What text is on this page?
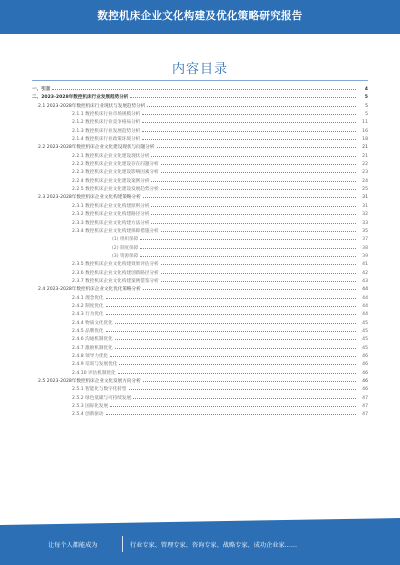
数控机床企业文化构建及优化策略研究报告
内容目录
一、引言	4
二、2023-2028年数控机床行业发展趋势分析	5
2.1 2023-2028年数控机床行业现状与发展趋势分析	5
2.1.1 数控机床行业市场规模分析	5
2.1.2 数控机床行业竞争格局分析	11
2.1.3 数控机床行业发展趋势分析	16
2.1.4 数控机床行业政策环境分析	18
2.2 2023-2028年数控机床企业文化建设现状与问题分析	21
2.2.1 数控机床企业文化建设现状分析	21
2.2.2 数控机床企业文化建设存在问题分析	22
2.2.3 数控机床企业文化建设影响因素分析	23
2.2.4 数控机床企业文化建设案例分析	24
2.2.5 数控机床企业文化建设发展趋势分析	25
2.3 2023-2028年数控机床企业文化构建策略分析	31
2.3.1 数控机床企业文化构建原则分析	31
2.3.2 数控机床企业文化构建路径分析	32
2.3.3 数控机床企业文化构建方法分析	33
2.3.4 数控机床企业文化构建保障措施分析	35
(1) 组织保障	37
(2) 制度保障	38
(3) 资源保障	39
2.3.5 数控机床企业文化构建效果评估分析	41
2.3.6 数控机床企业文化构建创新路径分析	42
2.3.7 数控机床企业文化构建案例借鉴分析	43
2.4 2023-2028年数控机床企业文化优化策略分析	44
2.4.1 理念优化	44
2.4.2 制度优化	44
2.4.3 行为优化	44
2.4.4 物质文化优化	45
2.4.5 品牌优化	45
2.4.6 沟通机制优化	45
2.4.7 激励机制优化	45
2.4.8 领导力优化	46
2.4.9 培训与发展优化	46
2.4.10 评估机制优化	46
2.5 2023-2028年数控机床企业文化发展方向分析	46
2.5.1 智能化与数字化转型	46
2.5.2 绿色低碳与可持续发展	47
2.5.3 国际化发展	47
2.5.4 创新驱动	47
让每个人都能成为	行业专家、管理专家、咨询专家、战略专家、成功企业家……
